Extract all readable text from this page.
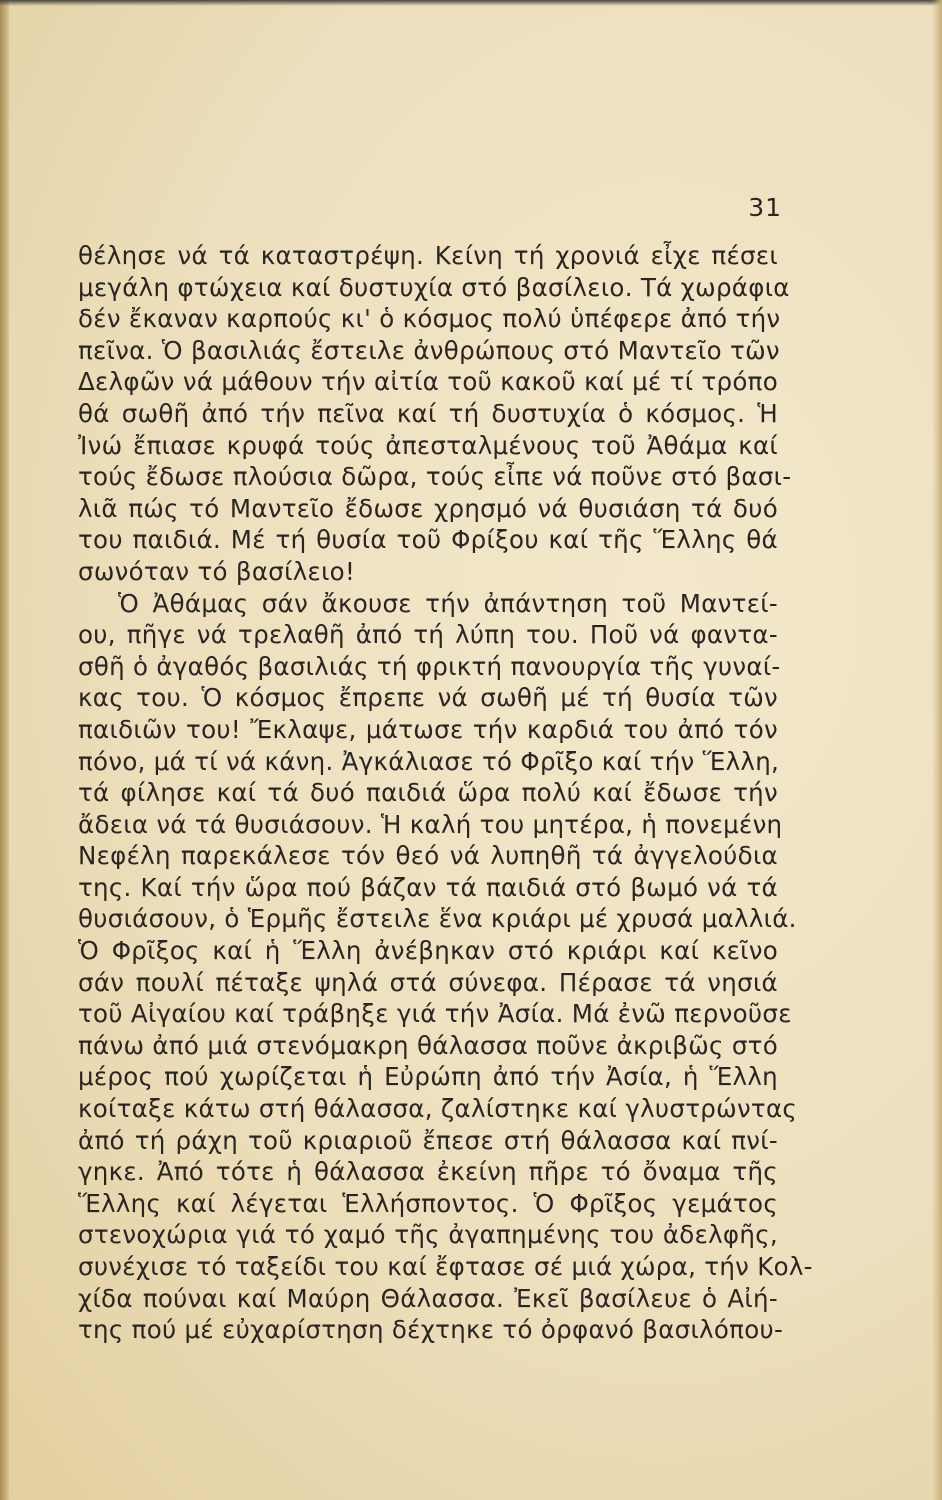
31
θέλησε νά τά καταστρέψη. Κείνη τή χρονιά εἶχε πέσει
μεγάλη φτώχεια καί δυστυχία στό βασίλειο. Τά χωράφια
δέν ἔκαναν καρπούς κι' ὁ κόσμος πολύ ὑπέφερε ἀπό τήν
πεῖνα. Ὁ βασιλιάς ἔστειλε ἀνθρώπους στό Μαντεῖο τῶν
Δελφῶν νά μάθουν τήν αἰτία τοῦ κακοῦ καί μέ τί τρόπο
θά σωθῆ ἀπό τήν πεῖνα καί τή δυστυχία ὁ κόσμος. Ἡ
Ἰνώ ἔπιασε κρυφά τούς ἀπεσταλμένους τοῦ Ἀθάμα καί
τούς ἔδωσε πλούσια δῶρα, τούς εἶπε νά ποῦνε στό βασι-
λιᾶ πώς τό Μαντεῖο ἔδωσε χρησμό νά θυσιάση τά δυό
του παιδιά. Μέ τή θυσία τοῦ Φρίξου καί τῆς Ἕλλης θά
σωνόταν τό βασίλειο!
Ὁ Ἀθάμας σάν ἄκουσε τήν ἀπάντηση τοῦ Μαντεί-
ου, πῆγε νά τρελαθῆ ἀπό τή λύπη του. Ποῦ νά φαντα-
σθῆ ὁ ἀγαθός βασιλιάς τή φρικτή πανουργία τῆς γυναί-
κας του. Ὁ κόσμος ἔπρεπε νά σωθῆ μέ τή θυσία τῶν
παιδιῶν του! Ἔκλαψε, μάτωσε τήν καρδιά του ἀπό τόν
πόνο, μά τί νά κάνη. Ἀγκάλιασε τό Φρῖξο καί τήν Ἕλλη,
τά φίλησε καί τά δυό παιδιά ὥρα πολύ καί ἔδωσε τήν
ἄδεια νά τά θυσιάσουν. Ἡ καλή του μητέρα, ἡ πονεμένη
Νεφέλη παρεκάλεσε τόν θεό νά λυπηθῆ τά ἀγγελούδια
της. Καί τήν ὥρα πού βάζαν τά παιδιά στό βωμό νά τά
θυσιάσουν, ὁ Ἑρμῆς ἔστειλε ἕνα κριάρι μέ χρυσά μαλλιά.
Ὁ Φρῖξος καί ἡ Ἕλλη ἀνέβηκαν στό κριάρι καί κεῖνο
σάν πουλί πέταξε ψηλά στά σύνεφα. Πέρασε τά νησιά
τοῦ Αἰγαίου καί τράβηξε γιά τήν Ἀσία. Μά ἐνῶ περνοῦσε
πάνω ἀπό μιά στενόμακρη θάλασσα ποῦνε ἀκριβῶς στό
μέρος πού χωρίζεται ἡ Εὐρώπη ἀπό τήν Ἀσία, ἡ Ἕλλη
κοίταξε κάτω στή θάλασσα, ζαλίστηκε καί γλυστρώντας
ἀπό τή ράχη τοῦ κριαριοῦ ἔπεσε στή θάλασσα καί πνί-
γηκε. Ἀπό τότε ἡ θάλασσα ἐκείνη πῆρε τό ὄναμα τῆς
Ἕλλης καί λέγεται Ἑλλήσποντος. Ὁ Φρῖξος γεμάτος
στενοχώρια γιά τό χαμό τῆς ἀγαπημένης του ἀδελφῆς,
συνέχισε τό ταξείδι του καί ἔφτασε σέ μιά χώρα, τήν Κολ-
χίδα πούναι καί Μαύρη Θάλασσα. Ἐκεῖ βασίλευε ὁ Αἰή-
της πού μέ εὐχαρίστηση δέχτηκε τό ὀρφανό βασιλόπου-
